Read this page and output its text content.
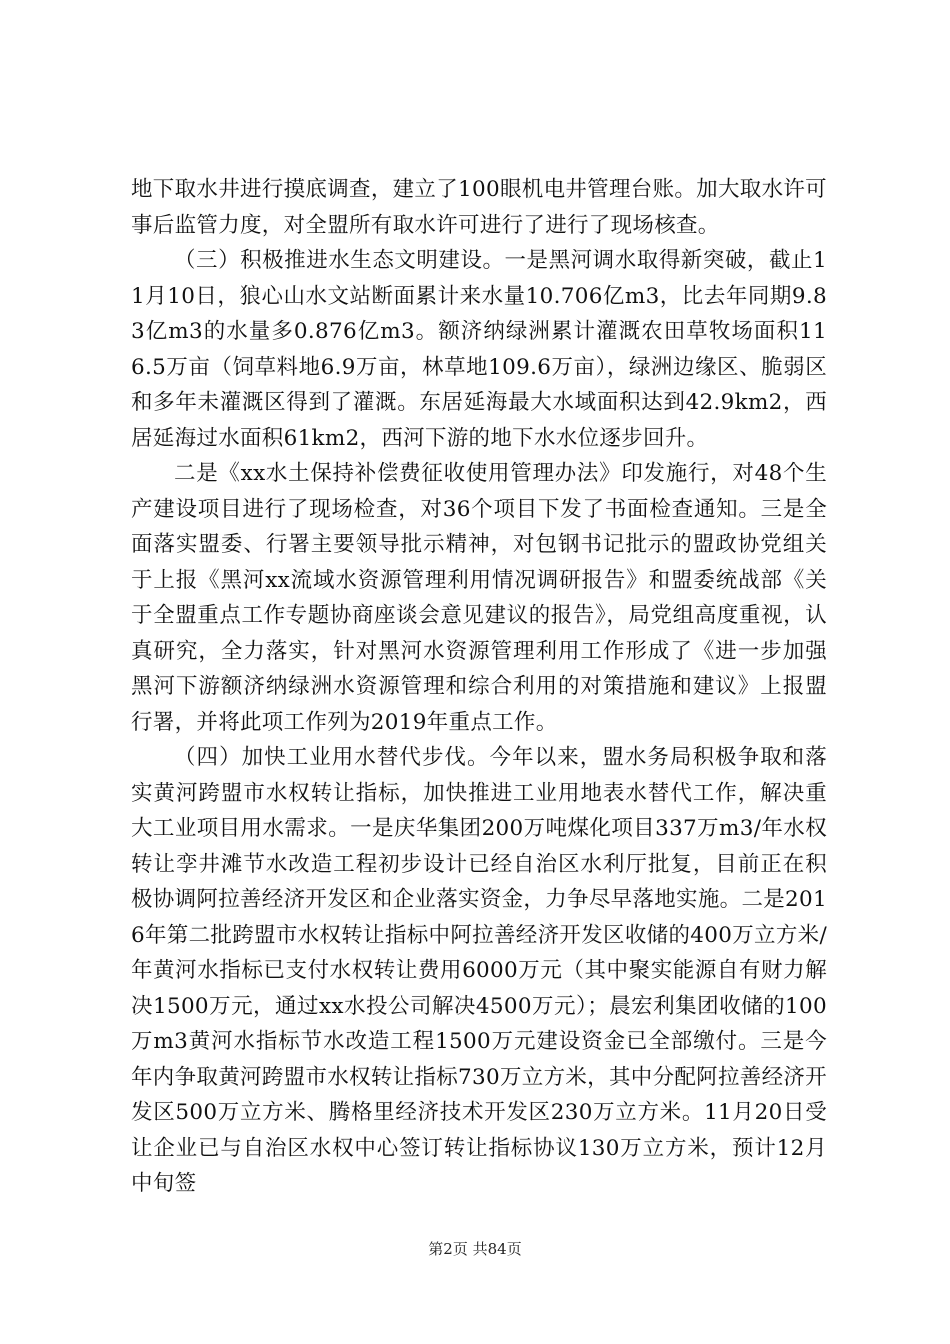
地下取水井进行摸底调查，建立了100眼机电井管理台账。加大取水许可事后监管力度，对全盟所有取水许可进行了进行了现场核查。

（三）积极推进水生态文明建设。一是黑河调水取得新突破，截止11月10日，狼心山水文站断面累计来水量10.706亿m3，比去年同期9.83亿m3的水量多0.876亿m3。额济纳绿洲累计灌溉农田草牧场面积116.5万亩（饲草料地6.9万亩，林草地109.6万亩），绿洲边缘区、脆弱区和多年未灌溉区得到了灌溉。东居延海最大水域面积达到42.9km2，西居延海过水面积61km2，西河下游的地下水水位逐步回升。

二是《xx水土保持补偿费征收使用管理办法》印发施行，对48个生产建设项目进行了现场检查，对36个项目下发了书面检查通知。三是全面落实盟委、行署主要领导批示精神，对包钢书记批示的盟政协党组关于上报《黑河xx流域水资源管理利用情况调研报告》和盟委统战部《关于全盟重点工作专题协商座谈会意见建议的报告》，局党组高度重视，认真研究，全力落实，针对黑河水资源管理利用工作形成了《进一步加强黑河下游额济纳绿洲水资源管理和综合利用的对策措施和建议》上报盟行署，并将此项工作列为2019年重点工作。

（四）加快工业用水替代步伐。今年以来，盟水务局积极争取和落实黄河跨盟市水权转让指标，加快推进工业用地表水替代工作，解决重大工业项目用水需求。一是庆华集团200万吨煤化项目337万m3/年水权转让孪井滩节水改造工程初步设计已经自治区水利厅批复，目前正在积极协调阿拉善经济开发区和企业落实资金，力争尽早落地实施。二是2016年第二批跨盟市水权转让指标中阿拉善经济开发区收储的400万立方米/年黄河水指标已支付水权转让费用6000万元（其中聚实能源自有财力解决1500万元，通过xx水投公司解决4500万元）；晨宏利集团收储的100万m3黄河水指标节水改造工程1500万元建设资金已全部缴付。三是今年内争取黄河跨盟市水权转让指标730万立方米，其中分配阿拉善经济开发区500万立方米、腾格里经济技术开发区230万立方米。11月20日受让企业已与自治区水权中心签订转让指标协议130万立方米，预计12月中旬签

第2页 共84页
